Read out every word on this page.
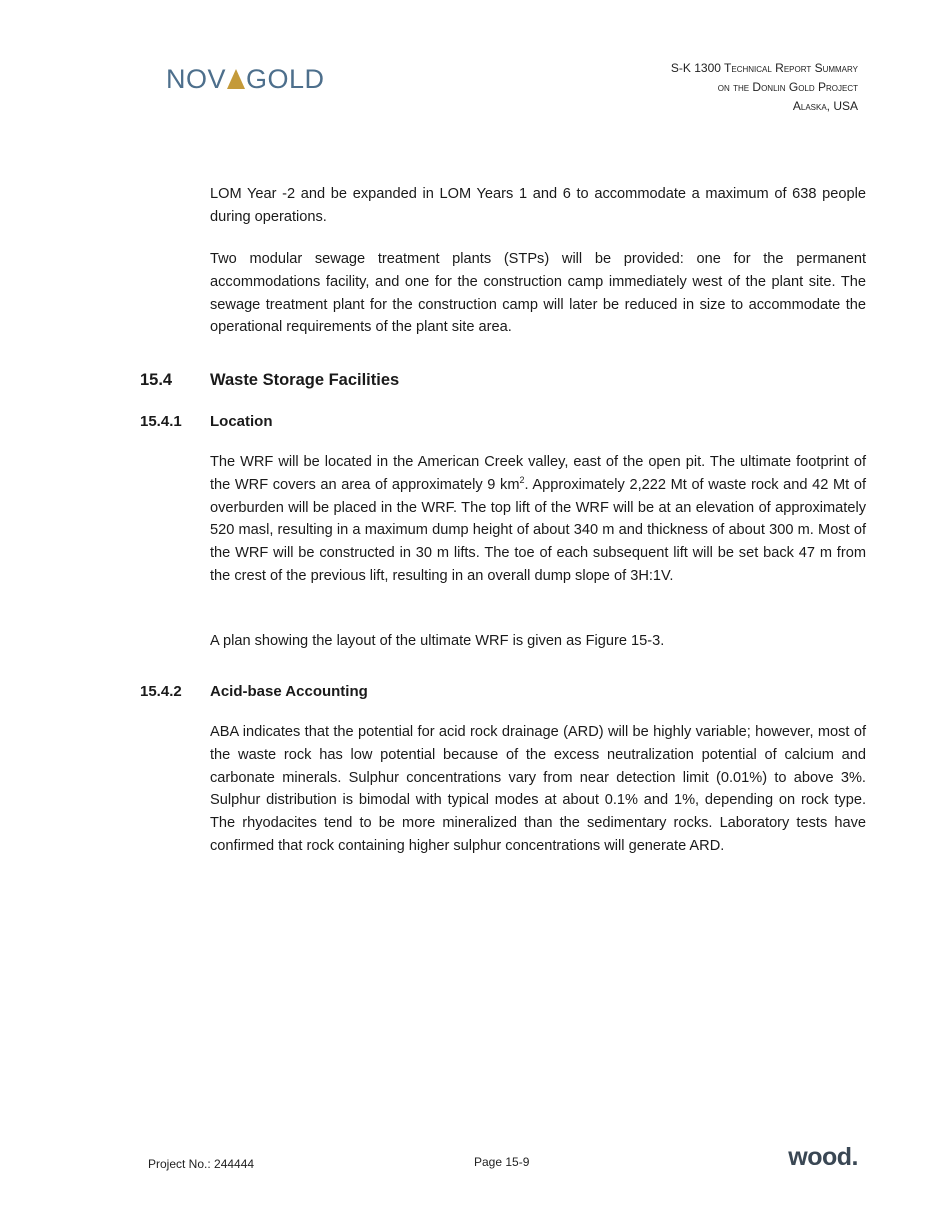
NOV GOLD	S-K 1300 Technical Report Summary
on the Donlin Gold Project
Alaska, USA

LOM Year -2 and be expanded in LOM Years 1 and 6 to accommodate a maximum of 638 people during operations.

Two modular sewage treatment plants (STPs) will be provided: one for the permanent accommodations facility, and one for the construction camp immediately west of the plant site. The sewage treatment plant for the construction camp will later be reduced in size to accommodate the operational requirements of the plant site area.

15.4 Waste Storage Facilities
15.4.1 Location

The WRF will be located in the American Creek valley, east of the open pit. The ultimate footprint of the WRF covers an area of approximately 9 $km^2$. Approximately 2,222 Mt of waste rock and 42 Mt of overburden will be placed in the WRF. The top lift of the WRF will be at an elevation of approximately 520 masl, resulting in a maximum dump height of about 340 m and thickness of about 300 m. Most of the WRF will be constructed in 30 m lifts. The toe of each subsequent lift will be set back 47 m from the crest of the previous lift, resulting in an overall dump slope of 3H:1V.

A plan showing the layout of the ultimate WRF is given as Figure 15-3.

15.4.2 Acid-base Accounting

ABA indicates that the potential for acid rock drainage (ARD) will be highly variable; however, most of the waste rock has low potential because of the excess neutralization potential of calcium and carbonate minerals. Sulphur concentrations vary from near detection limit (0.01%) to above 3%. Sulphur distribution is bimodal with typical modes at about 0.1% and 1%, depending on rock type. The rhyodacites tend to be more mineralized than the sedimentary rocks. Laboratory tests have confirmed that rock containing higher sulphur concentrations will generate ARD.

Project No.: 244444	Page 15-9	wood.
